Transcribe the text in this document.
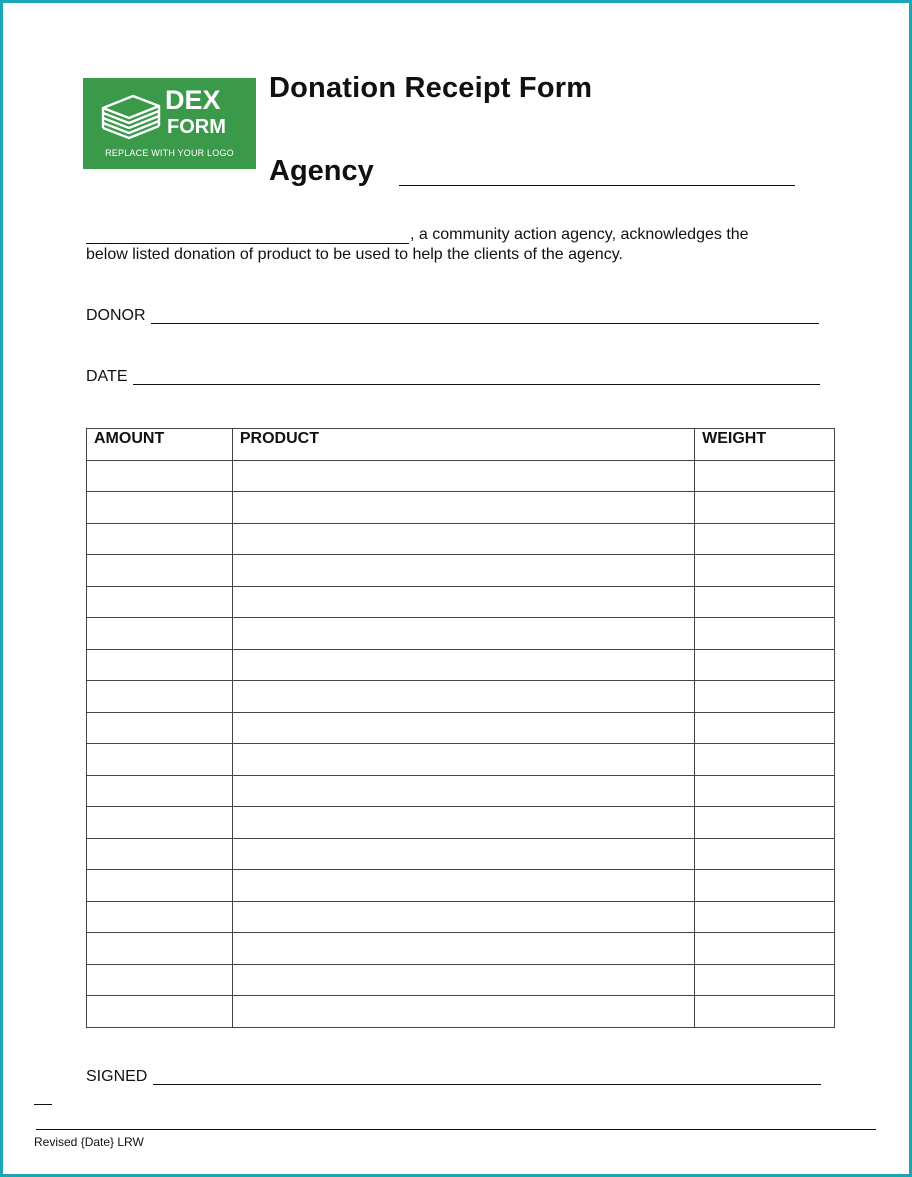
DEX
FORM
REPLACE WITH YOUR LOGO
Donation Receipt Form
Agency
, a community action agency, acknowledges the
below listed donation of product to be used to help the clients of the agency.
DONOR
DATE
AMOUNT	PRODUCT	WEIGHT

SIGNED
Revised {Date} LRW
